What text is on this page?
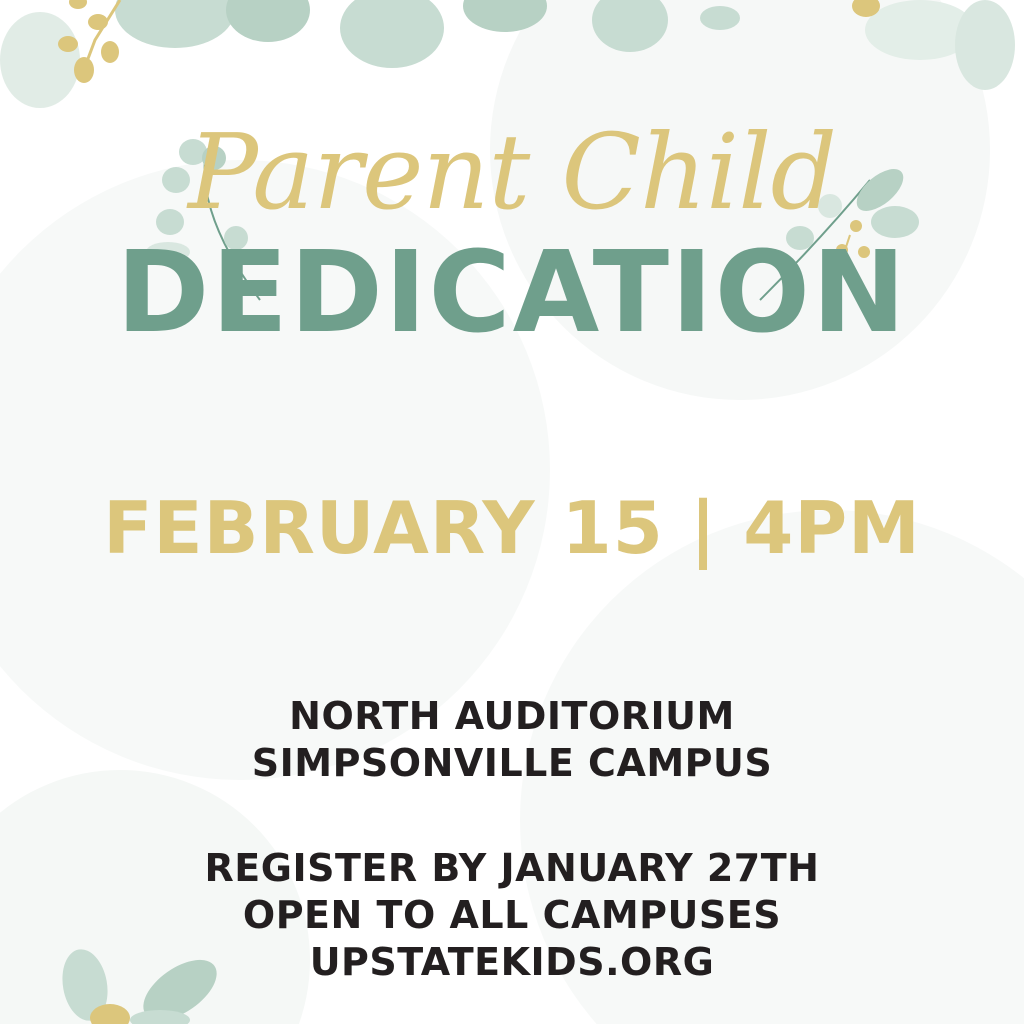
Parent Child
DEDICATION
FEBRUARY 15 | 4PM
NORTH AUDITORIUM
SIMPSONVILLE CAMPUS
REGISTER BY JANUARY 27TH
OPEN TO ALL CAMPUSES
UPSTATEKIDS.ORG
